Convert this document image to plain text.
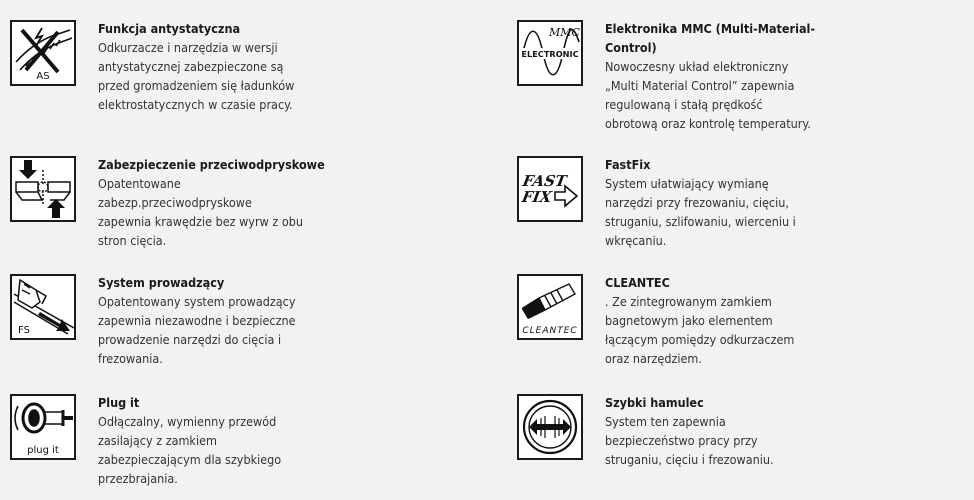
AS
Funkcja antystatyczna
Odkurzacze i narzędzia w wersji
antystatycznej zabezpieczone są
przed gromadzeniem się ładunków
elektrostatycznych w czasie pracy.
Zabezpieczenie przeciwodpryskowe
Opatentowane
zabezp.przeciwodpryskowe
zapewnia krawędzie bez wyrw z obu
stron cięcia.
FS
System prowadzący
Opatentowany system prowadzący
zapewnia niezawodne i bezpieczne
prowadzenie narzędzi do cięcia i
frezowania.
plug it
Plug it
Odłączalny, wymienny przewód
zasilający z zamkiem
zabezpieczającym dla szybkiego
przezbrajania.
MMC
ELECTRONIC
Elektronika MMC (Multi-Material-
Control)
Nowoczesny układ elektroniczny
„Multi Material Control” zapewnia
regulowaną i stałą prędkość
obrotową oraz kontrolę temperatury.
FAST
FIX
FastFix
System ułatwiający wymianę
narzędzi przy frezowaniu, cięciu,
struganiu, szlifowaniu, wierceniu i
wkręcaniu.
CLEANTEC
CLEANTEC
. Ze zintegrowanym zamkiem
bagnetowym jako elementem
łączącym pomiędzy odkurzaczem
oraz narzędziem.
Szybki hamulec
System ten zapewnia
bezpieczeństwo pracy przy
struganiu, cięciu i frezowaniu.
